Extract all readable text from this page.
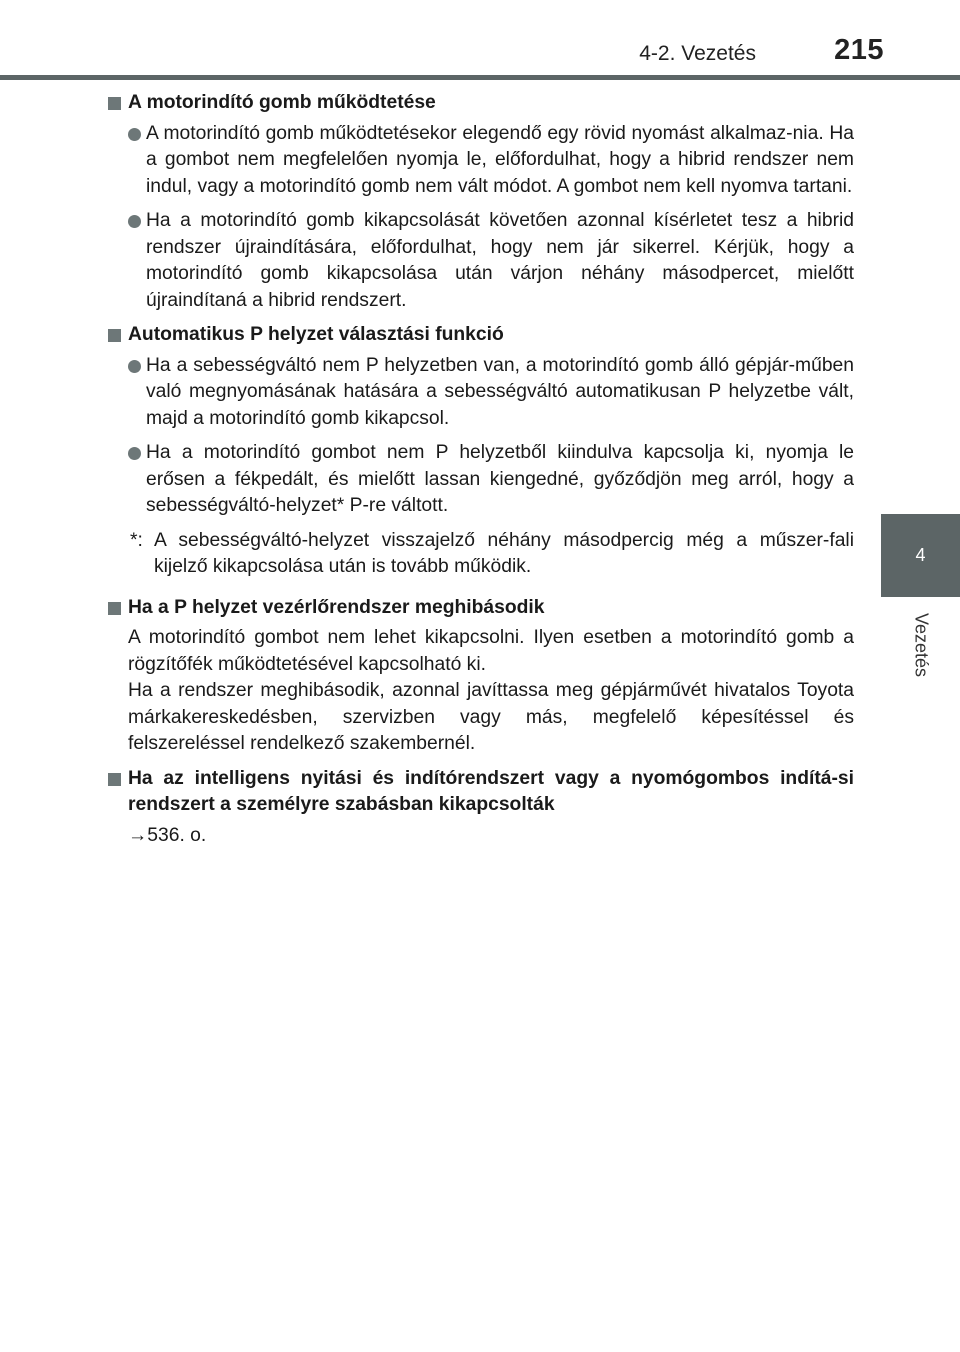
4-2. Vezetés	215
4
Vezetés
A motorindító gomb működtetése
A motorindító gomb működtetésekor elegendő egy rövid nyomást alkalmaz-nia. Ha a gombot nem megfelelően nyomja le, előfordulhat, hogy a hibrid rendszer nem indul, vagy a motorindító gomb nem vált módot. A gombot nem kell nyomva tartani.
Ha a motorindító gomb kikapcsolását követően azonnal kísérletet tesz a hibrid rendszer újraindítására, előfordulhat, hogy nem jár sikerrel. Kérjük, hogy a motorindító gomb kikapcsolása után várjon néhány másodpercet, mielőtt újraindítaná a hibrid rendszert.
Automatikus P helyzet választási funkció
Ha a sebességváltó nem P helyzetben van, a motorindító gomb álló gépjár-műben való megnyomásának hatására a sebességváltó automatikusan P helyzetbe vált, majd a motorindító gomb kikapcsol.
Ha a motorindító gombot nem P helyzetből kiindulva kapcsolja ki, nyomja le erősen a fékpedált, és mielőtt lassan kiengedné, győződjön meg arról, hogy a sebességváltó-helyzet* P-re váltott.
*: A sebességváltó-helyzet visszajelző néhány másodpercig még a műszer-fali kijelző kikapcsolása után is tovább működik.
Ha a P helyzet vezérlőrendszer meghibásodik

A motorindító gombot nem lehet kikapcsolni. Ilyen esetben a motorindító gomb a rögzítőfék működtetésével kapcsolható ki.

Ha a rendszer meghibásodik, azonnal javíttassa meg gépjárművét hivatalos Toyota márkakereskedésben, szervizben vagy más, megfelelő képesítéssel és felszereléssel rendelkező szakembernél.

Ha az intelligens nyitási és indítórendszert vagy a nyomógombos indítá-si rendszert a személyre szabásban kikapcsolták
→536. o.
